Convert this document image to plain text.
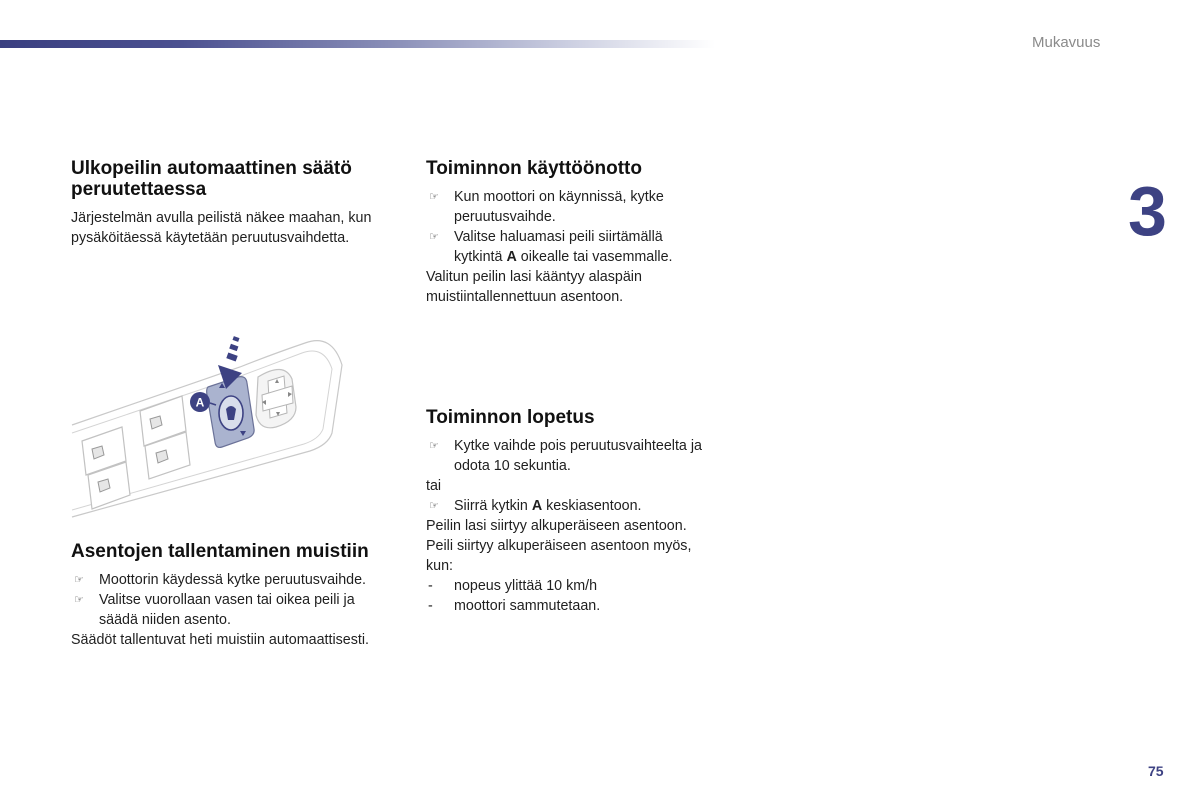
Mukavuus
3
75
Ulkopeilin automaattinen säätö
peruutettaessa

Järjestelmän avulla peilistä näkee maahan, kun
pysäköitäessä käytetään peruutusvaihdetta.

A
Asentojen tallentaminen muistiin
☞ Moottorin käydessä kytke peruutusvaihde.
☞ Valitse vuorollaan vasen tai oikea peili ja
säädä niiden asento.

Säädöt tallentuvat heti muistiin automaattisesti.

Toiminnon käyttöönotto
☞ Kun moottori on käynnissä, kytke
peruutusvaihde.
☞ Valitse haluamasi peili siirtämällä
kytkintä A oikealle tai vasemmalle.

Valitun peilin lasi kääntyy alaspäin
muistiintallennettuun asentoon.

Toiminnon lopetus
☞ Kytke vaihde pois peruutusvaihteelta ja
odota 10 sekuntia.

tai

☞ Siirrä kytkin A keskiasentoon.

Peilin lasi siirtyy alkuperäiseen asentoon.
Peili siirtyy alkuperäiseen asentoon myös,
kun:

- nopeus ylittää 10 km/h
- moottori sammutetaan.
